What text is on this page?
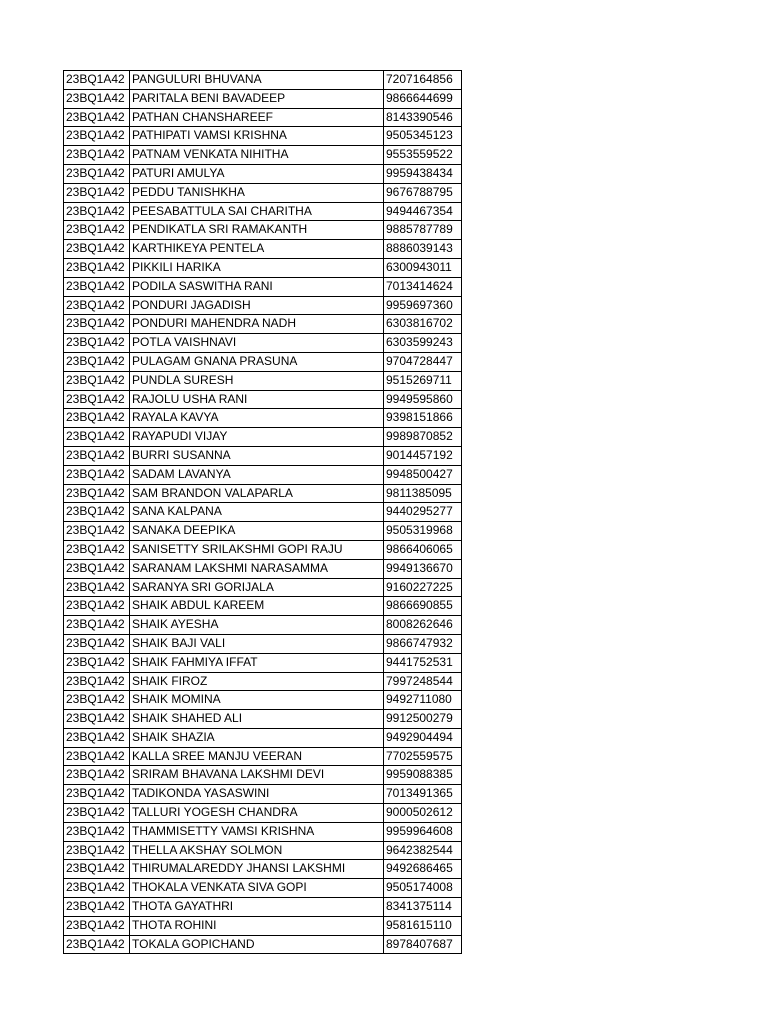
23BQ1A42 PANGULURI BHUVANA	7207164856
23BQ1A42 PARITALA BENI BAVADEEP	9866644699
23BQ1A42 PATHAN CHANSHAREEF	8143390546
23BQ1A42 PATHIPATI VAMSI KRISHNA	9505345123
23BQ1A42 PATNAM VENKATA NIHITHA	9553559522
23BQ1A42 PATURI AMULYA	9959438434
23BQ1A42 PEDDU TANISHKHA	9676788795
23BQ1A42 PEESABATTULA SAI CHARITHA	9494467354
23BQ1A42 PENDIKATLA SRI RAMAKANTH	9885787789
23BQ1A42 KARTHIKEYA PENTELA	8886039143
23BQ1A42 PIKKILI HARIKA	6300943011
23BQ1A42 PODILA SASWITHA RANI	7013414624
23BQ1A42 PONDURI JAGADISH	9959697360
23BQ1A42 PONDURI MAHENDRA NADH	6303816702
23BQ1A42 POTLA VAISHNAVI	6303599243
23BQ1A42 PULAGAM GNANA PRASUNA	9704728447
23BQ1A42 PUNDLA SURESH	9515269711
23BQ1A42 RAJOLU USHA RANI	9949595860
23BQ1A42 RAYALA KAVYA	9398151866
23BQ1A42 RAYAPUDI VIJAY	9989870852
23BQ1A42 BURRI SUSANNA	9014457192
23BQ1A42 SADAM LAVANYA	9948500427
23BQ1A42 SAM BRANDON VALAPARLA	9811385095
23BQ1A42 SANA KALPANA	9440295277
23BQ1A42 SANAKA DEEPIKA	9505319968
23BQ1A42 SANISETTY SRILAKSHMI GOPI RAJU	9866406065
23BQ1A42 SARANAM LAKSHMI NARASAMMA	9949136670
23BQ1A42 SARANYA SRI GORIJALA	9160227225
23BQ1A42 SHAIK ABDUL KAREEM	9866690855
23BQ1A42 SHAIK AYESHA	8008262646
23BQ1A42 SHAIK BAJI VALI	9866747932
23BQ1A42 SHAIK FAHMIYA IFFAT	9441752531
23BQ1A42 SHAIK FIROZ	7997248544
23BQ1A42 SHAIK MOMINA	9492711080
23BQ1A42 SHAIK SHAHED ALI	9912500279
23BQ1A42 SHAIK SHAZIA	9492904494
23BQ1A42 KALLA SREE MANJU VEERAN	7702559575
23BQ1A42 SRIRAM BHAVANA LAKSHMI DEVI	9959088385
23BQ1A42 TADIKONDA YASASWINI	7013491365
23BQ1A42 TALLURI YOGESH CHANDRA	9000502612
23BQ1A42 THAMMISETTY VAMSI KRISHNA	9959964608
23BQ1A42 THELLA AKSHAY SOLMON	9642382544
23BQ1A42 THIRUMALAREDDY JHANSI LAKSHMI	9492686465
23BQ1A42 THOKALA VENKATA SIVA GOPI	9505174008
23BQ1A42 THOTA GAYATHRI	8341375114
23BQ1A42 THOTA ROHINI	9581615110
23BQ1A42 TOKALA GOPICHAND	8978407687
